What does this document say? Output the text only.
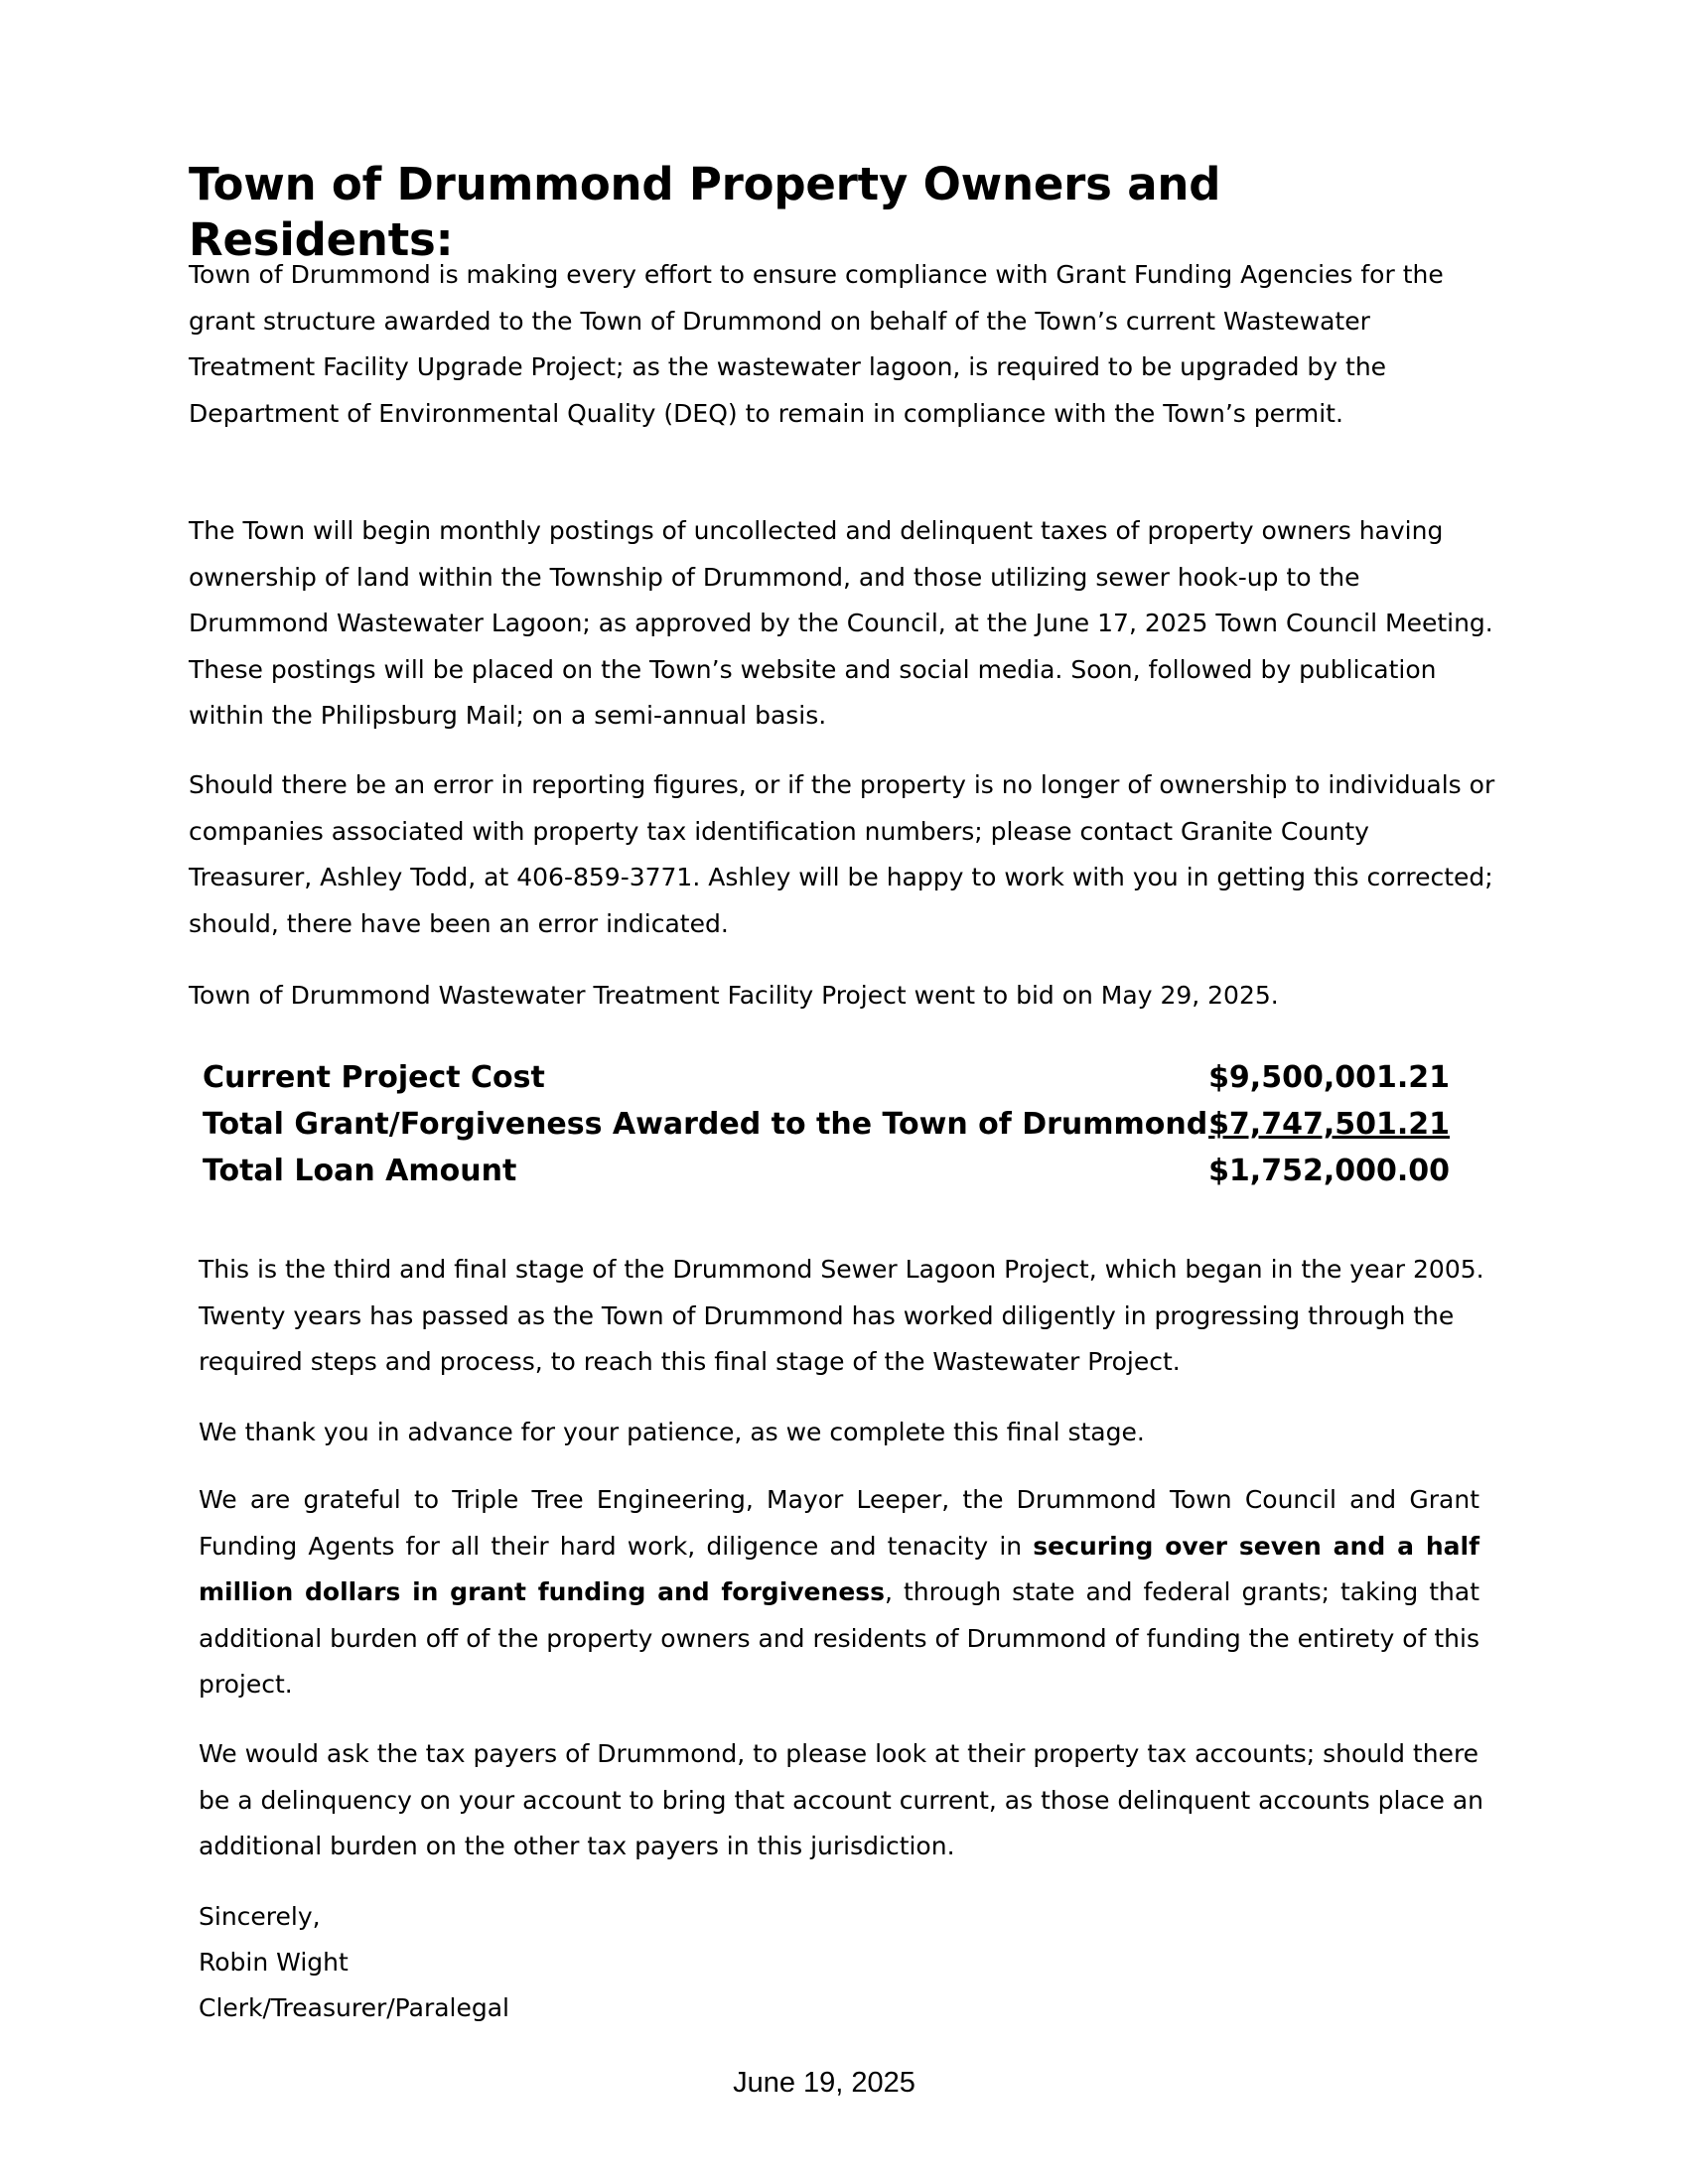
Town of Drummond Property Owners and Residents:

Town of Drummond is making every effort to ensure compliance with Grant Funding Agencies for the grant structure awarded to the Town of Drummond on behalf of the Town’s current Wastewater Treatment Facility Upgrade Project; as the wastewater lagoon, is required to be upgraded by the Department of Environmental Quality (DEQ) to remain in compliance with the Town’s permit.

The Town will begin monthly postings of uncollected and delinquent taxes of property owners having ownership of land within the Township of Drummond, and those utilizing sewer hook-up to the Drummond Wastewater Lagoon; as approved by the Council, at the June 17, 2025 Town Council Meeting. These postings will be placed on the Town’s website and social media. Soon, followed by publication within the Philipsburg Mail; on a semi-annual basis.

Should there be an error in reporting figures, or if the property is no longer of ownership to individuals or companies associated with property tax identification numbers; please contact Granite County Treasurer, Ashley Todd, at 406-859-3771. Ashley will be happy to work with you in getting this corrected; should, there have been an error indicated.

Town of Drummond Wastewater Treatment Facility Project went to bid on May 29, 2025.

Current Project Cost	$9,500,001.21
Total Grant/Forgiveness Awarded to the Town of Drummond $7,747,501.21
Total Loan Amount	$1,752,000.00

This is the third and final stage of the Drummond Sewer Lagoon Project, which began in the year 2005. Twenty years has passed as the Town of Drummond has worked diligently in progressing through the required steps and process, to reach this final stage of the Wastewater Project.

We thank you in advance for your patience, as we complete this final stage.

We are grateful to Triple Tree Engineering, Mayor Leeper, the Drummond Town Council and Grant Funding Agents for all their hard work, diligence and tenacity in securing over seven and a half million dollars in grant funding and forgiveness, through state and federal grants; taking that additional burden off of the property owners and residents of Drummond of funding the entirety of this project.

We would ask the tax payers of Drummond, to please look at their property tax accounts; should there be a delinquency on your account to bring that account current, as those delinquent accounts place an additional burden on the other tax payers in this jurisdiction.

Sincerely,
Robin Wight
Clerk/Treasurer/Paralegal
June 19, 2025
